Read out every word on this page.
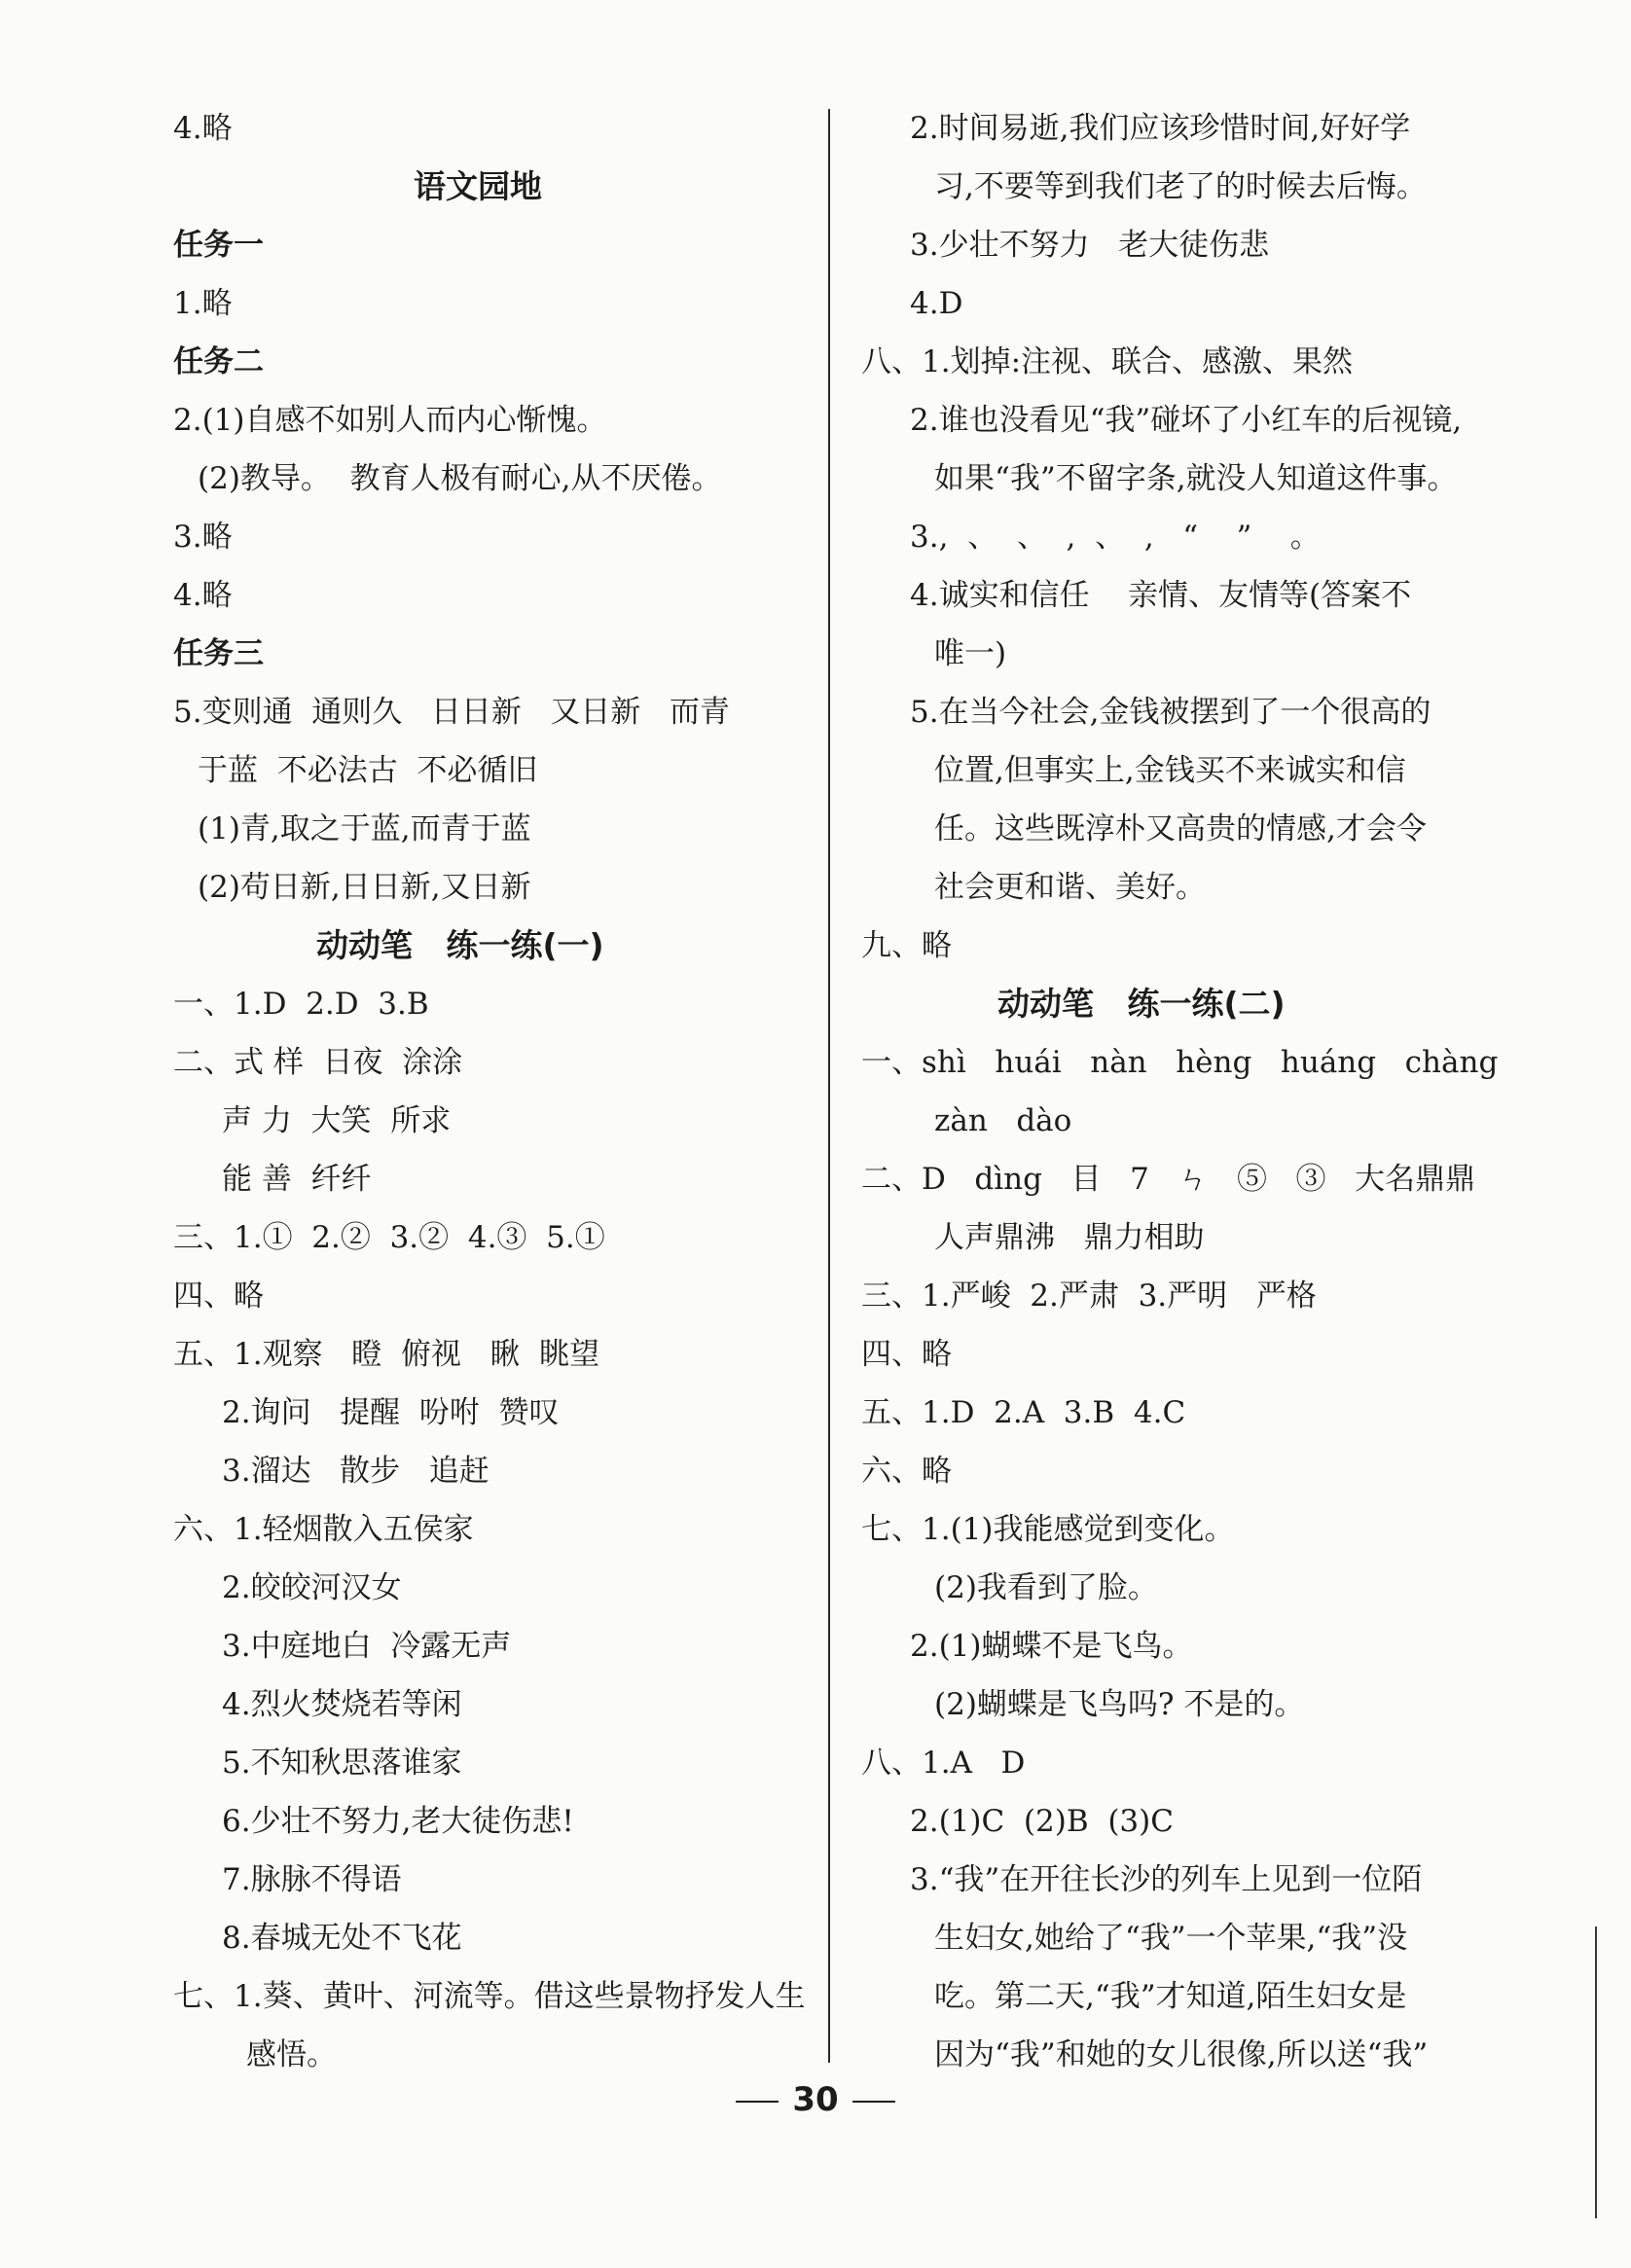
4.略
语文园地
任务一
1.略
任务二
2.(1)自感不如别人而内心惭愧。
(2)教导。  教育人极有耐心,从不厌倦。
3.略
4.略
任务三
5.变则通  通则久   日日新   又日新   而青
于蓝  不必法古  不必循旧
(1)青,取之于蓝,而青于蓝
(2)苟日新,日日新,又日新
动动笔   练一练(一)
一、1.D  2.D  3.B
二、式 样  日夜  涂涂
声 力  大笑  所求
能 善  纤纤
三、1.①  2.②  3.②  4.③  5.①
四、略
五、1.观察   瞪  俯视   瞅  眺望
2.询问   提醒  吩咐  赞叹
3.溜达   散步   追赶
六、1.轻烟散入五侯家
2.皎皎河汉女
3.中庭地白  冷露无声
4.烈火焚烧若等闲
5.不知秋思落谁家
6.少壮不努力,老大徒伤悲!
7.脉脉不得语
8.春城无处不飞花
七、1.葵、黄叶、河流等。借这些景物抒发人生
感悟。
2.时间易逝,我们应该珍惜时间,好好学
习,不要等到我们老了的时候去后悔。
3.少壮不努力   老大徒伤悲
4.D
八、1.划掉:注视、联合、感激、果然
2.谁也没看见“我”碰坏了小红车的后视镜,
如果“我”不留字条,就没人知道这件事。
3.,  、  、  ,  、  ,   “    ”    。
4.诚实和信任    亲情、友情等(答案不
唯一)
5.在当今社会,金钱被摆到了一个很高的
位置,但事实上,金钱买不来诚实和信
任。这些既淳朴又高贵的情感,才会令
社会更和谐、美好。
九、略
动动笔   练一练(二)
一、shì   huái   nàn   hèng   huáng   chàng
zàn   dào
二、D   dìng   目   7   ㄣ   ⑤   ③   大名鼎鼎
人声鼎沸   鼎力相助
三、1.严峻  2.严肃  3.严明   严格
四、略
五、1.D  2.A  3.B  4.C
六、略
七、1.(1)我能感觉到变化。
(2)我看到了脸。
2.(1)蝴蝶不是飞鸟。
(2)蝴蝶是飞鸟吗? 不是的。
八、1.A   D
2.(1)C  (2)B  (3)C
3.“我”在开往长沙的列车上见到一位陌
生妇女,她给了“我”一个苹果,“我”没
吃。第二天,“我”才知道,陌生妇女是
因为“我”和她的女儿很像,所以送“我”
30
